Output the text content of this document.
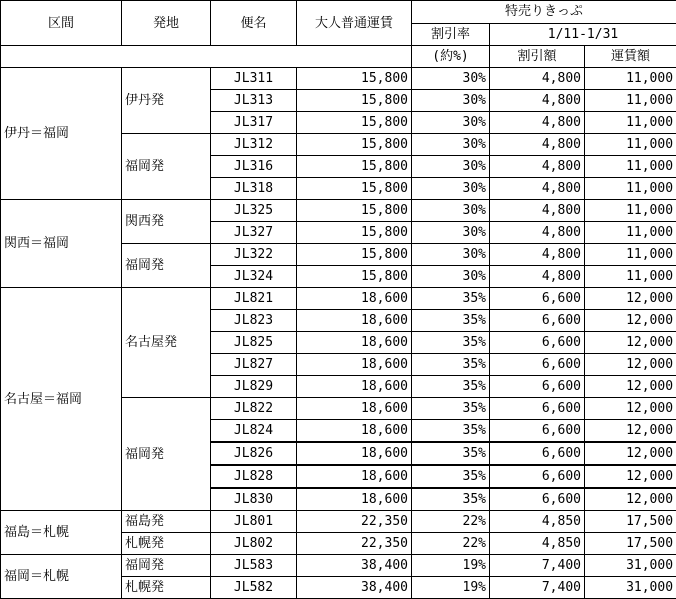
区間	発地	便名	大人普通運賃	特売りきっぷ		
				割引率	1/11-1/31	
				(約%)	割引額	運賃額
伊丹＝福岡	伊丹発	JL311	15,800	30%	4,800	11,000
		JL313	15,800	30%	4,800	11,000
		JL317	15,800	30%	4,800	11,000
	福岡発	JL312	15,800	30%	4,800	11,000
		JL316	15,800	30%	4,800	11,000
		JL318	15,800	30%	4,800	11,000
関西＝福岡	関西発	JL325	15,800	30%	4,800	11,000
		JL327	15,800	30%	4,800	11,000
	福岡発	JL322	15,800	30%	4,800	11,000
		JL324	15,800	30%	4,800	11,000
名古屋＝福岡	名古屋発	JL821	18,600	35%	6,600	12,000
		JL823	18,600	35%	6,600	12,000
		JL825	18,600	35%	6,600	12,000
		JL827	18,600	35%	6,600	12,000
		JL829	18,600	35%	6,600	12,000
	福岡発	JL822	18,600	35%	6,600	12,000
		JL824	18,600	35%	6,600	12,000
		JL826	18,600	35%	6,600	12,000
		JL828	18,600	35%	6,600	12,000
		JL830	18,600	35%	6,600	12,000
福島＝札幌	福島発	JL801	22,350	22%	4,850	17,500
	札幌発	JL802	22,350	22%	4,850	17,500
福岡＝札幌	福岡発	JL583	38,400	19%	7,400	31,000
	札幌発	JL582	38,400	19%	7,400	31,000
